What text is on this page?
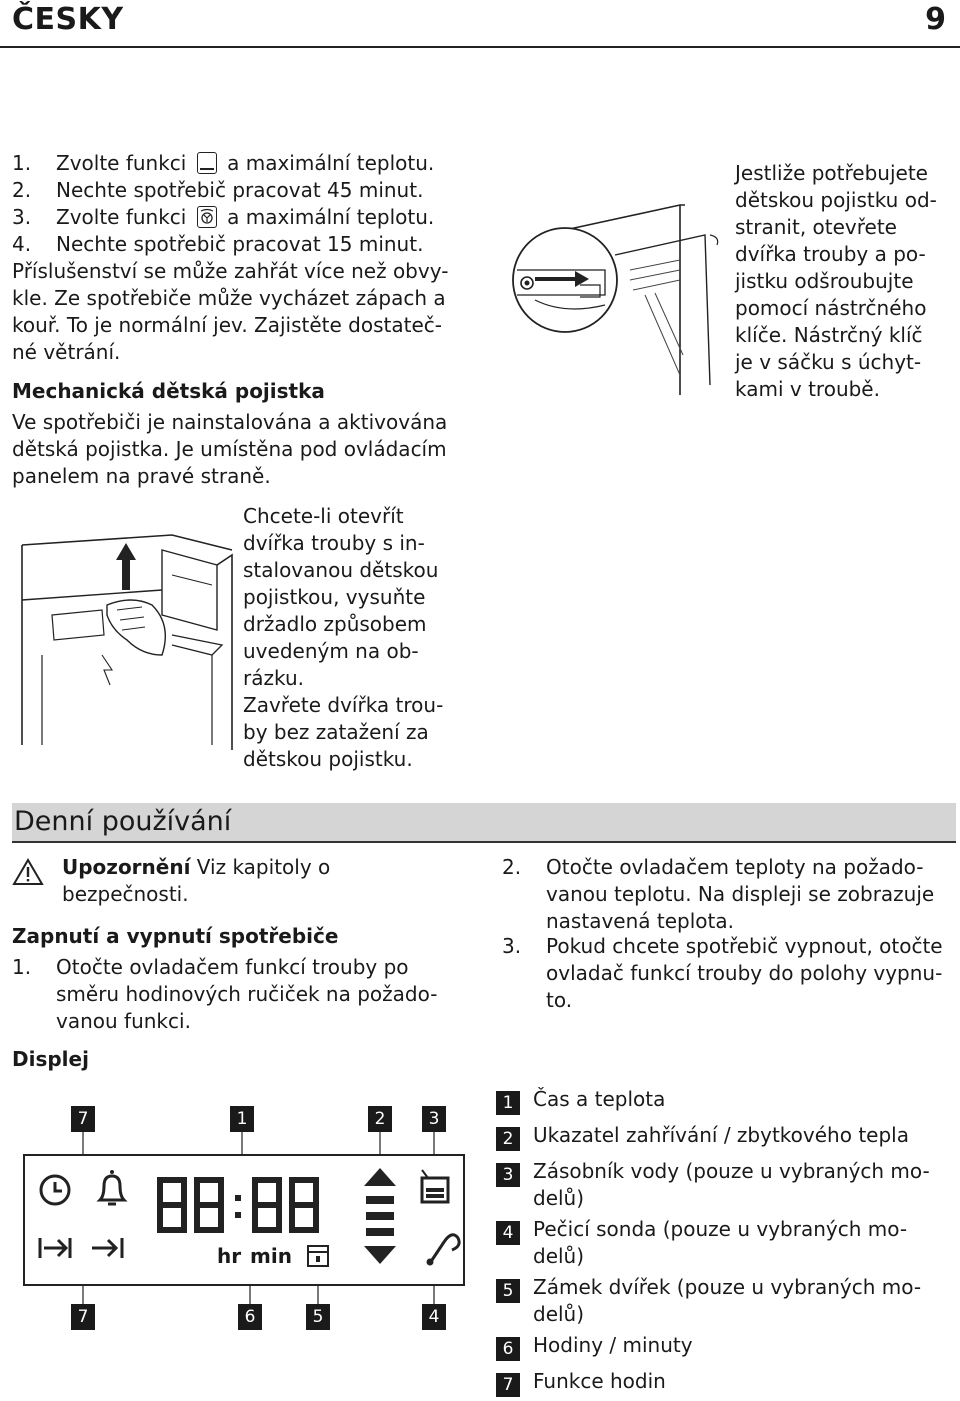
ČESKY	9
1. Zvolte funkci a maximální teplotu.
2. Nechte spotřebič pracovat 45 minut.
3. Zvolte funkci a maximální teplotu.
4. Nechte spotřebič pracovat 15 minut.
Příslušenství se může zahřát více než obvy-
kle. Ze spotřebiče může vycházet zápach a
kouř. To je normální jev. Zajistěte dostateč-
né větrání.
Mechanická dětská pojistka
Ve spotřebiči je nainstalována a aktivována
dětská pojistka. Je umístěna pod ovládacím
panelem na pravé straně.
Jestliže potřebujete
dětskou pojistku od-
stranit, otevřete
dvířka trouby a po-
jistku odšroubujte
pomocí nástrčného
klíče. Nástrčný klíč
je v sáčku s úchyt-
kami v troubě.
Chcete-li otevřít
dvířka trouby s in-
stalovanou dětskou
pojistkou, vysuňte
držadlo způsobem
uvedeným na ob-
rázku.
Zavřete dvířka trou-
by bez zatažení za
dětskou pojistku.
Denní používání
Upozornění Viz kapitoly o
bezpečnosti.
Zapnutí a vypnutí spotřebiče
1. Otočte ovladačem funkcí trouby po
směru hodinových ručiček na požado-
vanou funkci.
2. Otočte ovladačem teploty na požado-
vanou teplotu. Na displeji se zobrazuje
nastavená teplota.
3. Pokud chcete spotřebič vypnout, otočte
ovladač funkcí trouby do polohy vypnu-
to.
Displej
hr min
7	1	2	3
7	6	5	4
1 Čas a teplota
2 Ukazatel zahřívání / zbytkového tepla
3 Zásobník vody (pouze u vybraných mo-
delů)
4 Pečicí sonda (pouze u vybraných mo-
delů)
5 Zámek dvířek (pouze u vybraných mo-
delů)
6 Hodiny / minuty
7 Funkce hodin
